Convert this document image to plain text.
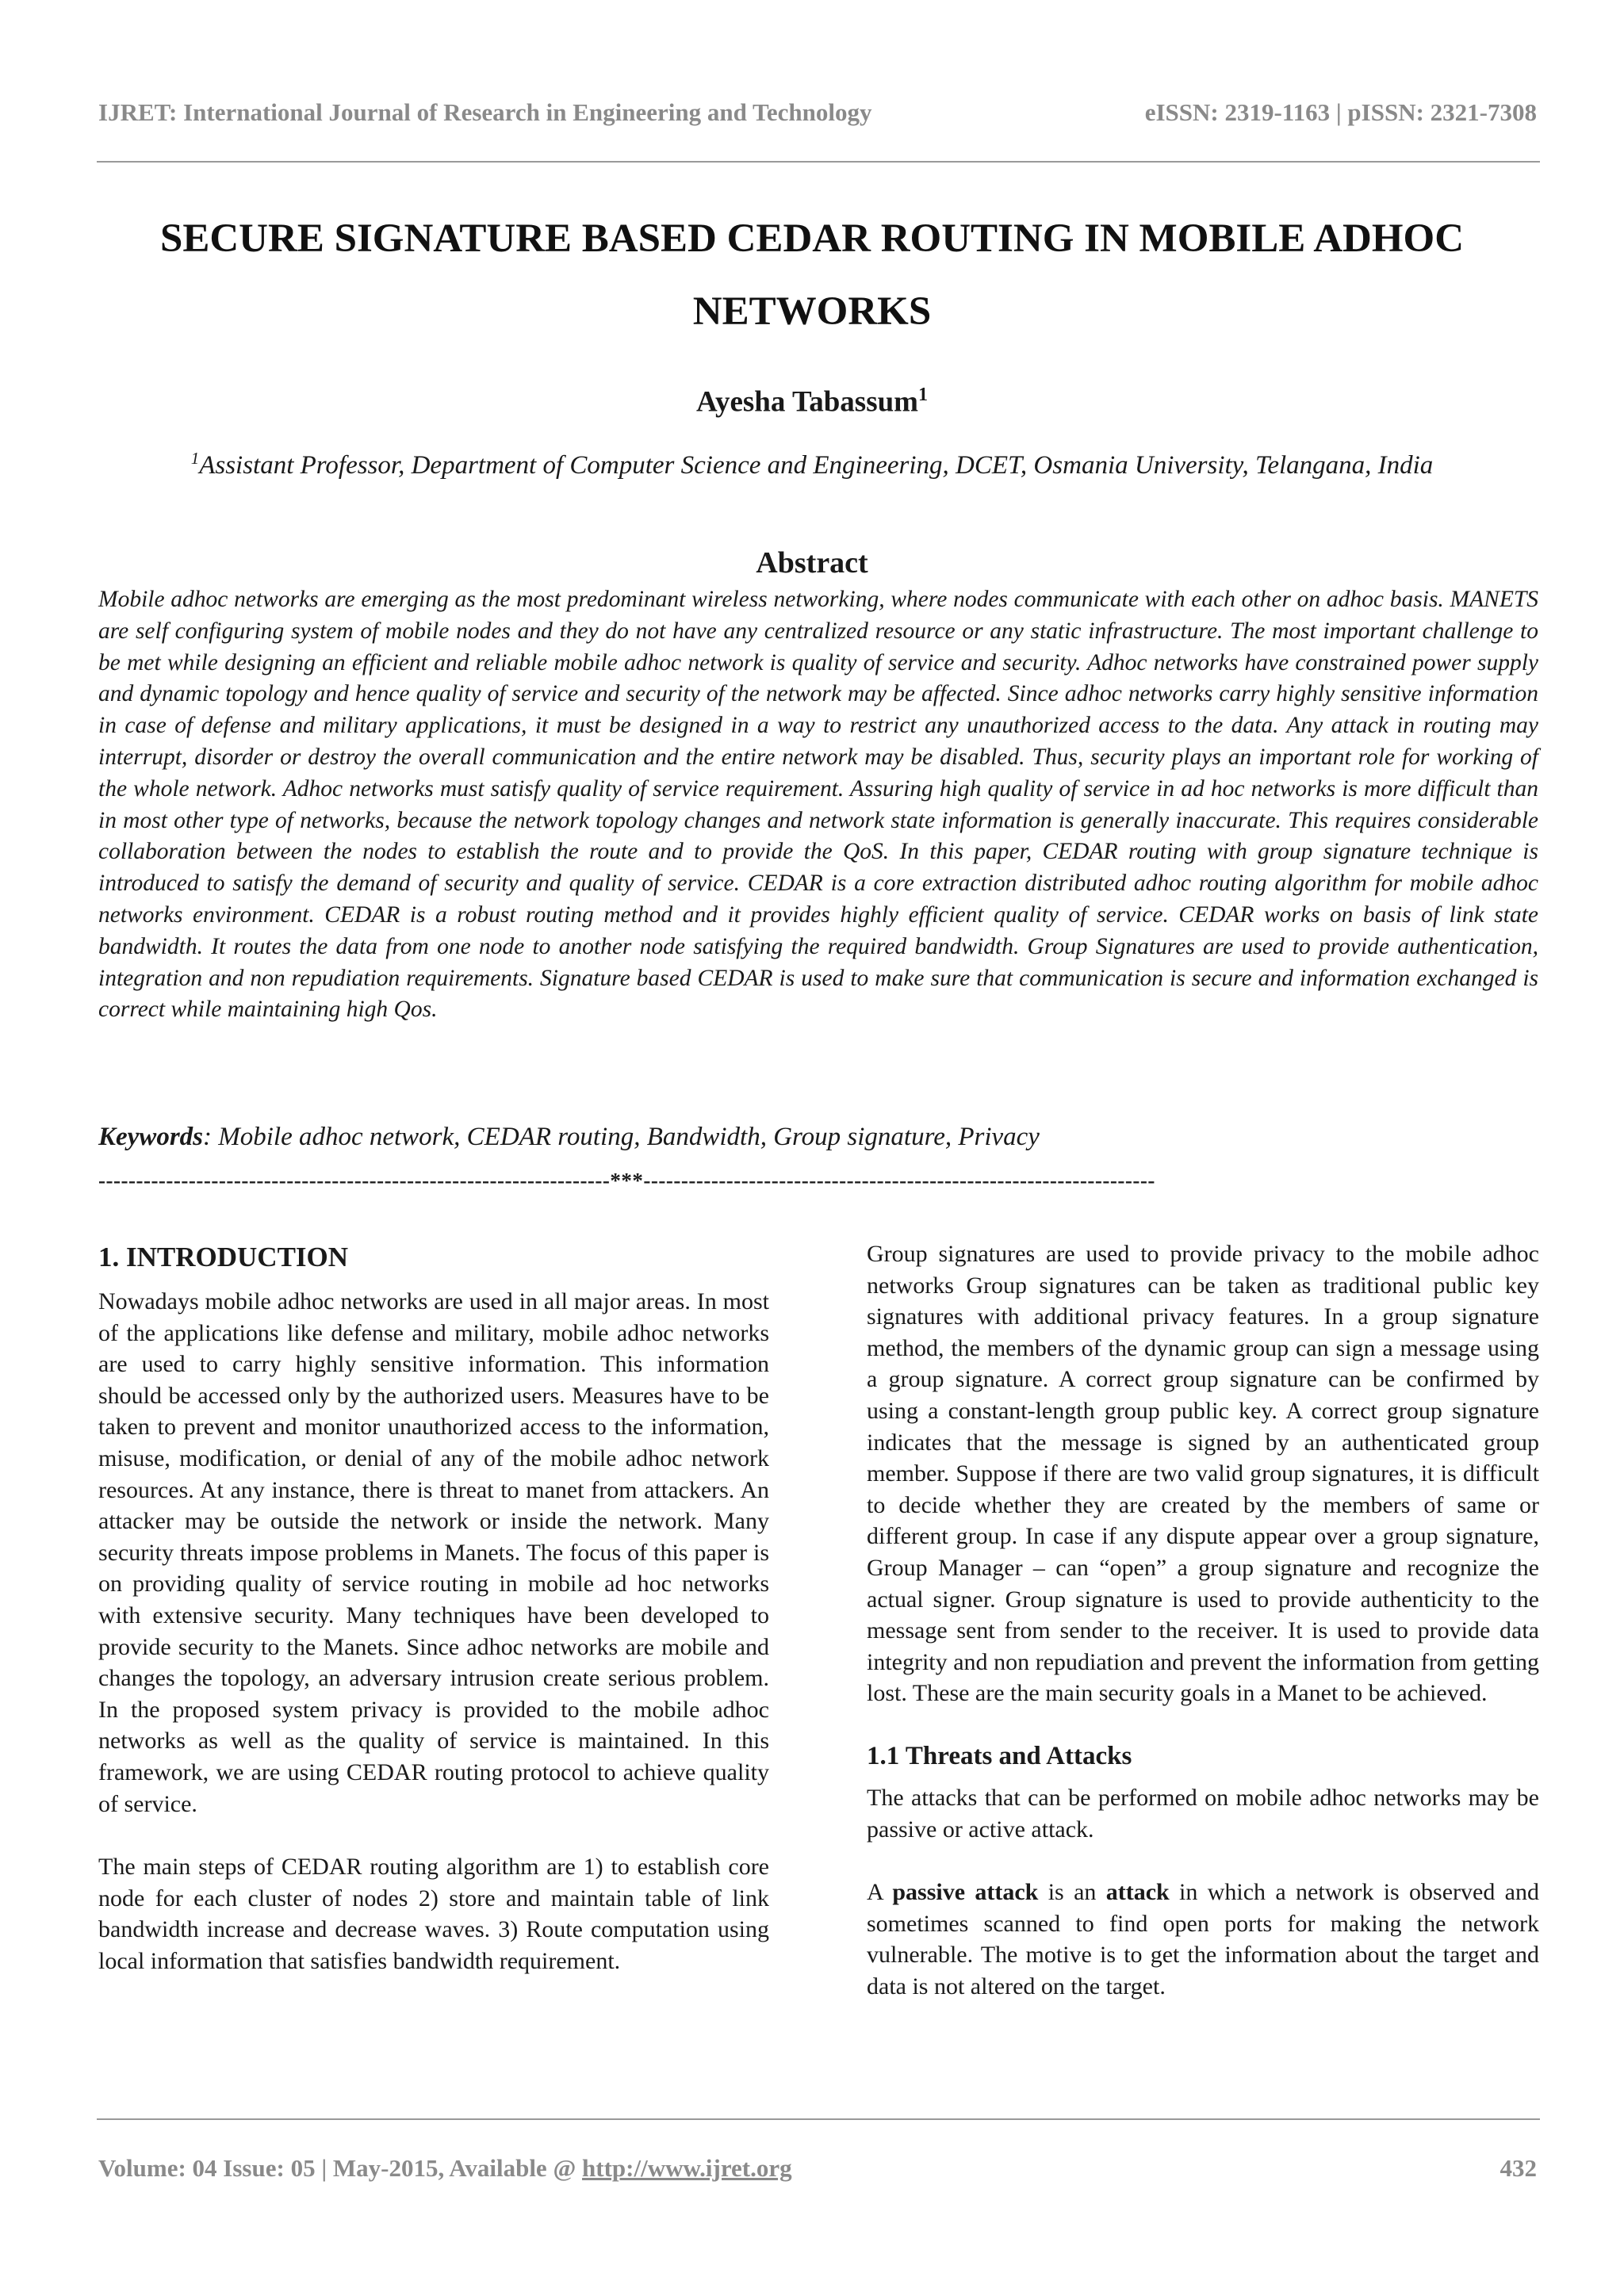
IJRET: International Journal of Research in Engineering and Technology	eISSN: 2319-1163 | pISSN: 2321-7308
SECURE SIGNATURE BASED CEDAR ROUTING IN MOBILE ADHOC NETWORKS
Ayesha Tabassum$^1$
$^1$Assistant Professor, Department of Computer Science and Engineering, DCET, Osmania University, Telangana, India
Abstract
Mobile adhoc networks are emerging as the most predominant wireless networking, where nodes communicate with each other on adhoc basis. MANETS are self configuring system of mobile nodes and they do not have any centralized resource or any static infrastructure. The most important challenge to be met while designing an efficient and reliable mobile adhoc network is quality of service and security. Adhoc networks have constrained power supply and dynamic topology and hence quality of service and security of the network may be affected. Since adhoc networks carry highly sensitive information in case of defense and military applications, it must be designed in a way to restrict any unauthorized access to the data. Any attack in routing may interrupt, disorder or destroy the overall communication and the entire network may be disabled. Thus, security plays an important role for working of the whole network. Adhoc networks must satisfy quality of service requirement. Assuring high quality of service in ad hoc networks is more difficult than in most other type of networks, because the network topology changes and network state information is generally inaccurate. This requires considerable collaboration between the nodes to establish the route and to provide the QoS. In this paper, CEDAR routing with group signature technique is introduced to satisfy the demand of security and quality of service. CEDAR is a core extraction distributed adhoc routing algorithm for mobile adhoc networks environment. CEDAR is a robust routing method and it provides highly efficient quality of service. CEDAR works on basis of link state bandwidth. It routes the data from one node to another node satisfying the required bandwidth. Group Signatures are used to provide authentication, integration and non repudiation requirements. Signature based CEDAR is used to make sure that communication is secure and information exchanged is correct while maintaining high Qos.
Keywords: Mobile adhoc network, CEDAR routing, Bandwidth, Group signature, Privacy
--------------------------------------------------------------------***--------------------------------------------------------------------
1. INTRODUCTION

Nowadays mobile adhoc networks are used in all major areas. In most of the applications like defense and military, mobile adhoc networks are used to carry highly sensitive information. This information should be accessed only by the authorized users. Measures have to be taken to prevent and monitor unauthorized access to the information, misuse, modification, or denial of any of the mobile adhoc network resources. At any instance, there is threat to manet from attackers. An attacker may be outside the network or inside the network. Many security threats impose problems in Manets. The focus of this paper is on providing quality of service routing in mobile ad hoc networks with extensive security. Many techniques have been developed to provide security to the Manets. Since adhoc networks are mobile and changes the topology, an adversary intrusion create serious problem. In the proposed system privacy is provided to the mobile adhoc networks as well as the quality of service is maintained. In this framework, we are using CEDAR routing protocol to achieve quality of service.

The main steps of CEDAR routing algorithm are 1) to establish core node for each cluster of nodes 2) store and maintain table of link bandwidth increase and decrease waves. 3) Route computation using local information that satisfies bandwidth requirement.

Group signatures are used to provide privacy to the mobile adhoc networks Group signatures can be taken as traditional public key signatures with additional privacy features. In a group signature method, the members of the dynamic group can sign a message using a group signature. A correct group signature can be confirmed by using a constant-length group public key. A correct group signature indicates that the message is signed by an authenticated group member. Suppose if there are two valid group signatures, it is difficult to decide whether they are created by the members of same or different group. In case if any dispute appear over a group signature, Group Manager – can “open” a group signature and recognize the actual signer. Group signature is used to provide authenticity to the message sent from sender to the receiver. It is used to provide data integrity and non repudiation and prevent the information from getting lost. These are the main security goals in a Manet to be achieved.

1.1 Threats and Attacks

The attacks that can be performed on mobile adhoc networks may be passive or active attack.

A passive attack is an attack in which a network is observed and sometimes scanned to find open ports for making the network vulnerable. The motive is to get the information about the target and data is not altered on the target.

Volume: 04 Issue: 05 | May-2015, Available @ http://www.ijret.org	432
